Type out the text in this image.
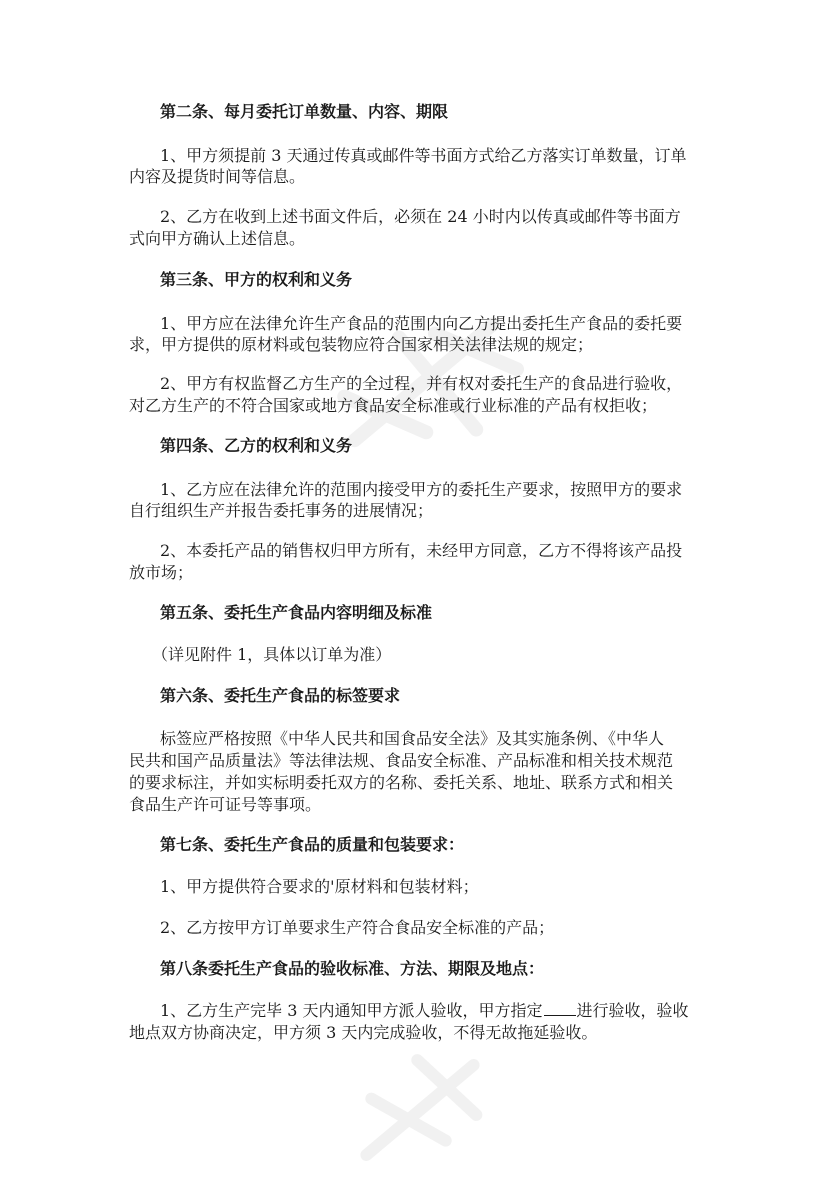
第二条、每月委托订单数量、内容、期限
1、甲方须提前 3 天通过传真或邮件等书面方式给乙方落实订单数量，订单
内容及提货时间等信息。
2、乙方在收到上述书面文件后，必须在 24 小时内以传真或邮件等书面方
式向甲方确认上述信息。
第三条、甲方的权利和义务
1、甲方应在法律允许生产食品的范围内向乙方提出委托生产食品的委托要
求，甲方提供的原材料或包装物应符合国家相关法律法规的规定；
2、甲方有权监督乙方生产的全过程，并有权对委托生产的食品进行验收，
对乙方生产的不符合国家或地方食品安全标准或行业标准的产品有权拒收；
第四条、乙方的权利和义务
1、乙方应在法律允许的范围内接受甲方的委托生产要求，按照甲方的要求
自行组织生产并报告委托事务的进展情况；
2、本委托产品的销售权归甲方所有，未经甲方同意，乙方不得将该产品投
放市场；
第五条、委托生产食品内容明细及标准
（详见附件 1，具体以订单为准）
第六条、委托生产食品的标签要求
标签应严格按照《中华人民共和国食品安全法》及其实施条例、《中华人
民共和国产品质量法》等法律法规、食品安全标准、产品标准和相关技术规范
的要求标注，并如实标明委托双方的名称、委托关系、地址、联系方式和相关
食品生产许可证号等事项。
第七条、委托生产食品的质量和包装要求：
1、甲方提供符合要求的'原材料和包装材料；
2、乙方按甲方订单要求生产符合食品安全标准的产品；
第八条委托生产食品的验收标准、方法、期限及地点：
1、乙方生产完毕 3 天内通知甲方派人验收，甲方指定 进行验收，验收
地点双方协商决定，甲方须 3 天内完成验收，不得无故拖延验收。
